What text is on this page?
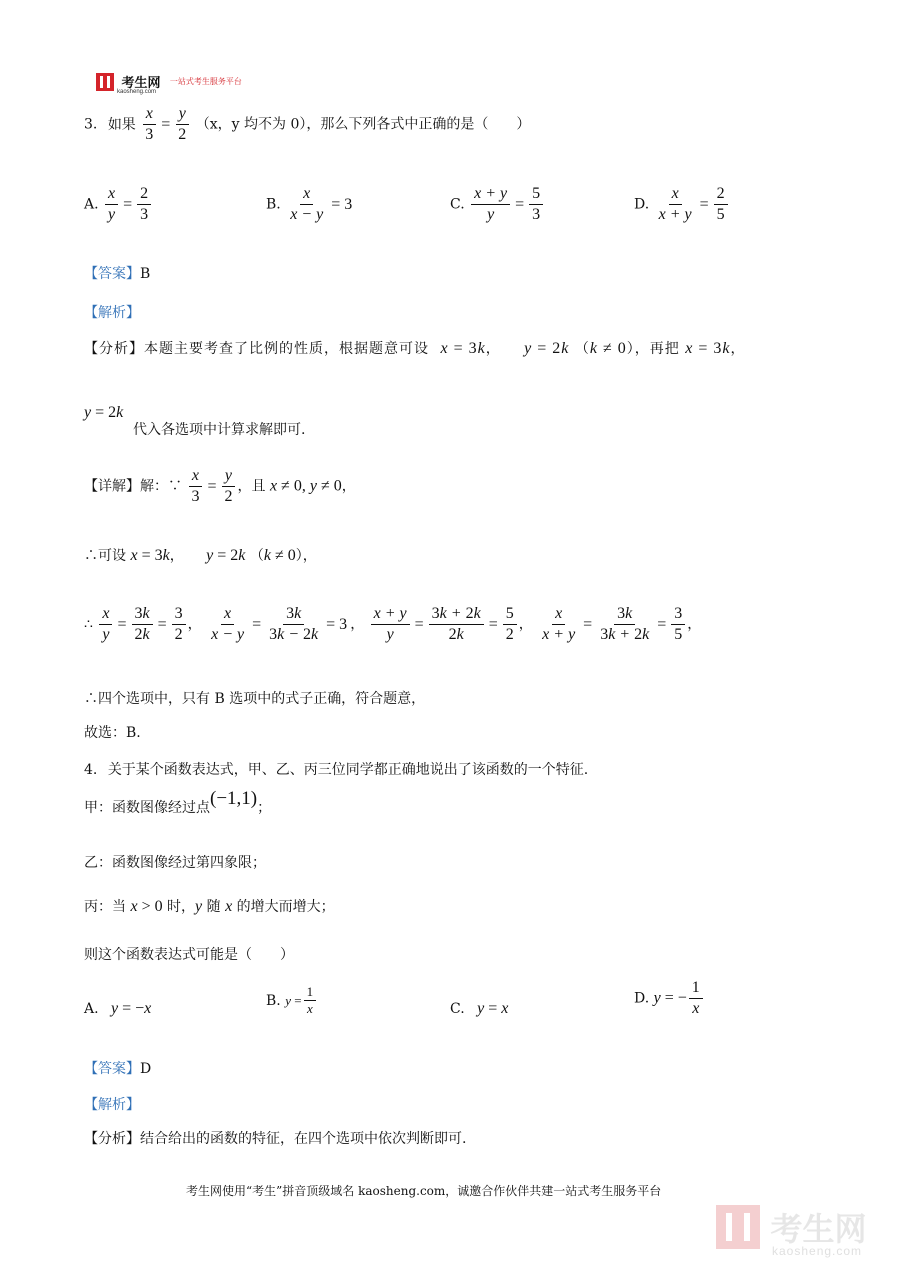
考生网 一站式考生服务平台
kaosheng.com
3. 如果 $\frac{x}{3} = \frac{y}{2} (x$，y 均不为 0），那么下列各式中正确的是（　　）
A. $\frac{x}{y} = \frac{2}{3}$	B. $\frac{x}{x - y} = 3$	C. $\frac{x + y}{y} = \frac{5}{3}$	D. $\frac{x}{x + y} = \frac{2}{5}$
【答案】B
【解析】
【分析】本题主要考查了比例的性质，根据题意可设 x = 3k， y = 2k （k ≠ 0），再把 x = 3k，
y = 2k
代入各选项中计算求解即可.
【详解】解：∵ $\frac{x}{3} = \frac{y}{2}$ ，且 x ≠ 0, y ≠ 0，
∴可设 x = 3k， y = 2k （k ≠ 0），
∴ $\frac{x}{y} = \frac{3k}{2k} = \frac{3}{2}$ ， $\frac{x}{x - y} = \frac{3k}{3k - 2k} = 3$ ， $\frac{x + y}{y} = \frac{3k + 2k}{2k} = \frac{5}{2}$ ， $\frac{x}{x + y} = \frac{3k}{3k + 2k} = \frac{3}{5}$ ，
∴四个选项中，只有 B 选项中的式子正确，符合题意，
故选：B.
4. 关于某个函数表达式，甲、乙、丙三位同学都正确地说出了该函数的一个特征.
甲：函数图像经过点(−1,1)；
乙：函数图像经过第四象限；
丙：当 x > 0 时，y 随 x 的增大而增大；
则这个函数表达式可能是（　　）
A. y = −x	B. $y = \frac{1}{x}$	C. y = x
D. y = − $\frac{1}{x}$
【答案】D
【解析】
【分析】结合给出的函数的特征，在四个选项中依次判断即可.
考生网使用“考生”拼音顶级域名 kaosheng.com，诚邀合作伙伴共建一站式考生服务平台
考生网
kaosheng.com
